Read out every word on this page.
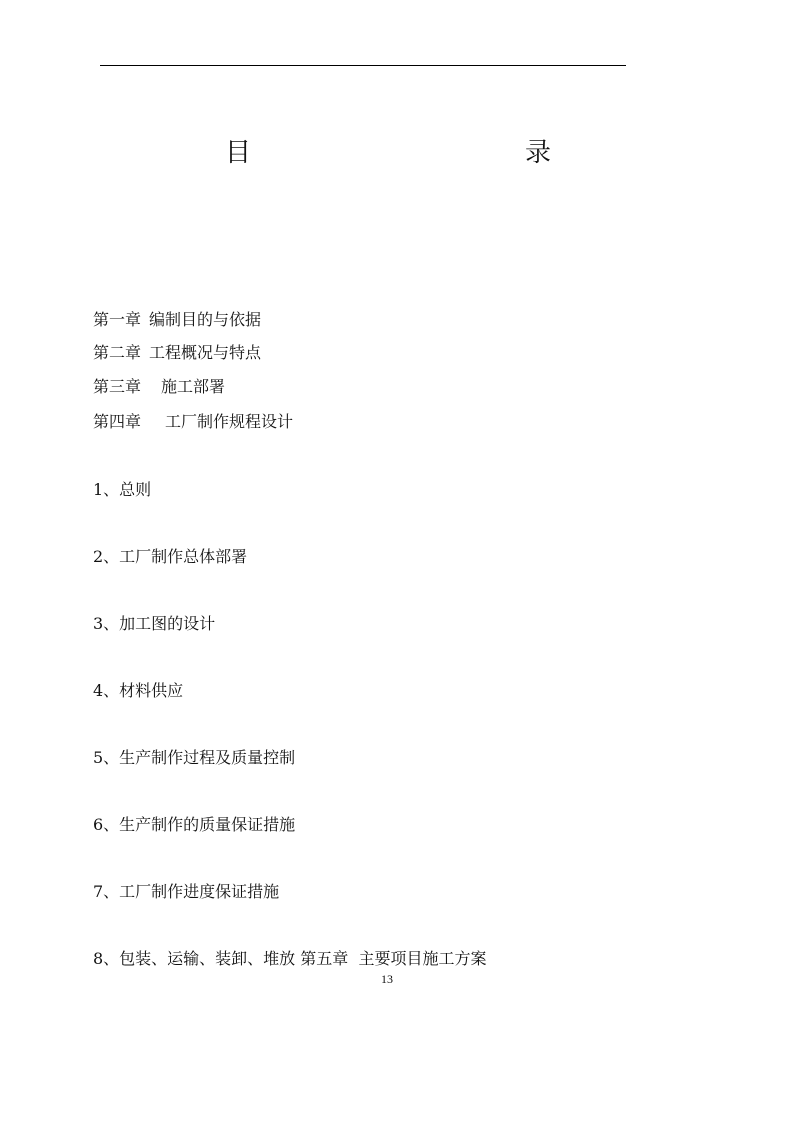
目	录
第一章 编制目的与依据
第二章 工程概况与特点
第三章 施工部署
第四章 工厂制作规程设计
1、总则
2、工厂制作总体部署
3、加工图的设计
4、材料供应
5、生产制作过程及质量控制
6、生产制作的质量保证措施
7、工厂制作进度保证措施
8、包装、运输、装卸、堆放 第五章  主要项目施工方案
13
